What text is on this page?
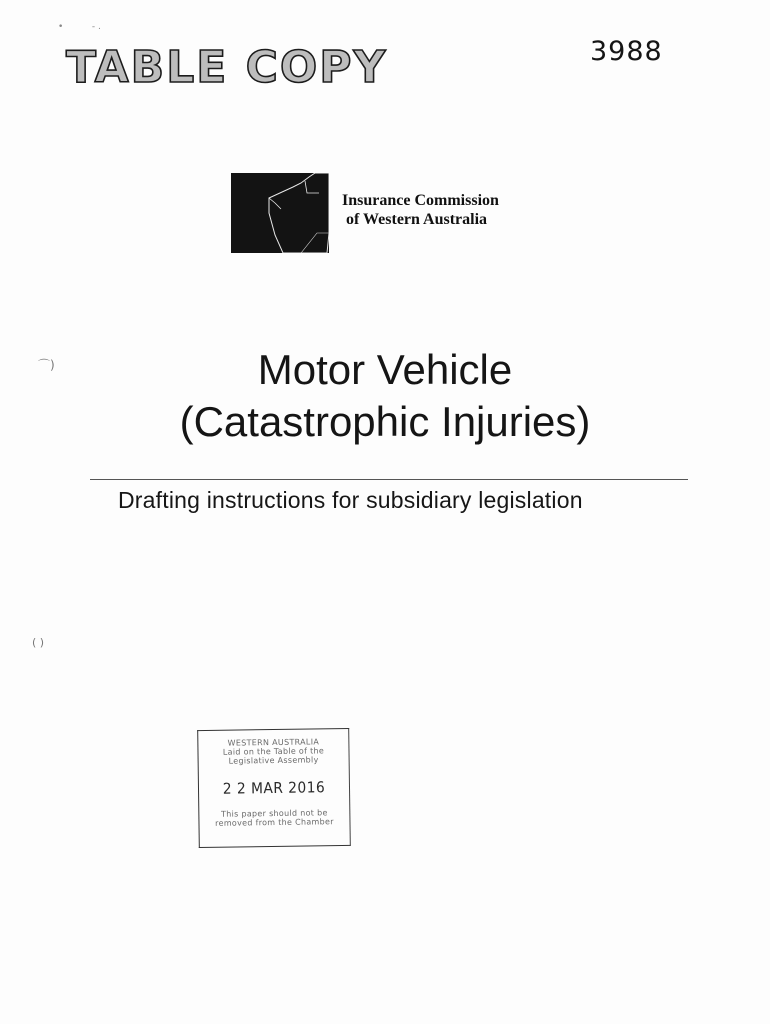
•          - .
3988
TABLE COPY
Insurance Commission
of Western Australia
⌒)	Motor Vehicle
(Catastrophic Injuries)
Drafting instructions for subsidiary legislation
( )
WESTERN AUSTRALIA
Laid on the Table of the
Legislative Assembly
2 2 MAR 2016
This paper should not be
removed from the Chamber
